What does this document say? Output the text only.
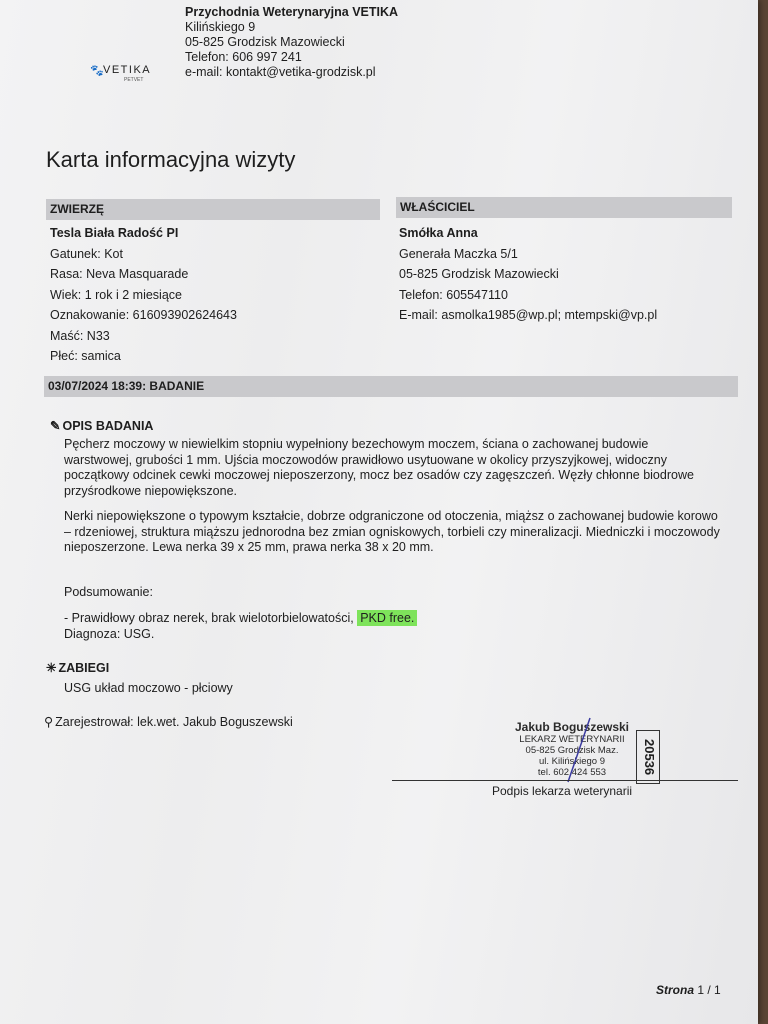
🐾 VETIKA
PETVET
Przychodnia Weterynaryjna VETIKA
Kilińskiego 9
05-825 Grodzisk Mazowiecki
Telefon: 606 997 241
e-mail: kontakt@vetika-grodzisk.pl
Karta informacyjna wizyty
ZWIERZĘ	WŁAŚCICIEL
Tesla Biała Radość PI
Gatunek: Kot
Rasa: Neva Masquarade
Wiek: 1 rok i 2 miesiące
Oznakowanie: 616093902624643
Maść: N33
Płeć: samica
Smółka Anna
Generała Maczka 5/1
05-825 Grodzisk Mazowiecki
Telefon: 605547110
E-mail: asmolka1985@wp.pl; mtempski@vp.pl
03/07/2024 18:39: BADANIE
✎ OPIS BADANIA
Pęcherz moczowy w niewielkim stopniu wypełniony bezechowym moczem, ściana o zachowanej budowie warstwowej, grubości 1 mm. Ujścia moczowodów prawidłowo usytuowane w okolicy przyszyjkowej, widoczny początkowy odcinek cewki moczowej nieposzerzony, mocz bez osadów czy zagęszczeń. Węzły chłonne biodrowe przyśrodkowe niepowiększone.
Nerki niepowiększone o typowym kształcie, dobrze odgraniczone od otoczenia, miąższ o zachowanej budowie korowo – rdzeniowej, struktura miąższu jednorodna bez zmian ogniskowych, torbieli czy mineralizacji. Miedniczki i moczowody nieposzerzone. Lewa nerka 39 x 25 mm, prawa nerka 38 x 20 mm.
Podsumowanie:
- Prawidłowy obraz nerek, brak wielotorbielowatości, PKD free.
Diagnoza: USG.
✳ ZABIEGI
USG układ moczowo - płciowy
⚲ Zarejestrował: lek.wet. Jakub Boguszewski	Jakub Boguszewski
LEKARZ WETERYNARII
05-825 Grodzisk Maz.
ul. Kilińskiego 9
tel. 602 424 553	20536
Podpis lekarza weterynarii
Strona 1 / 1
